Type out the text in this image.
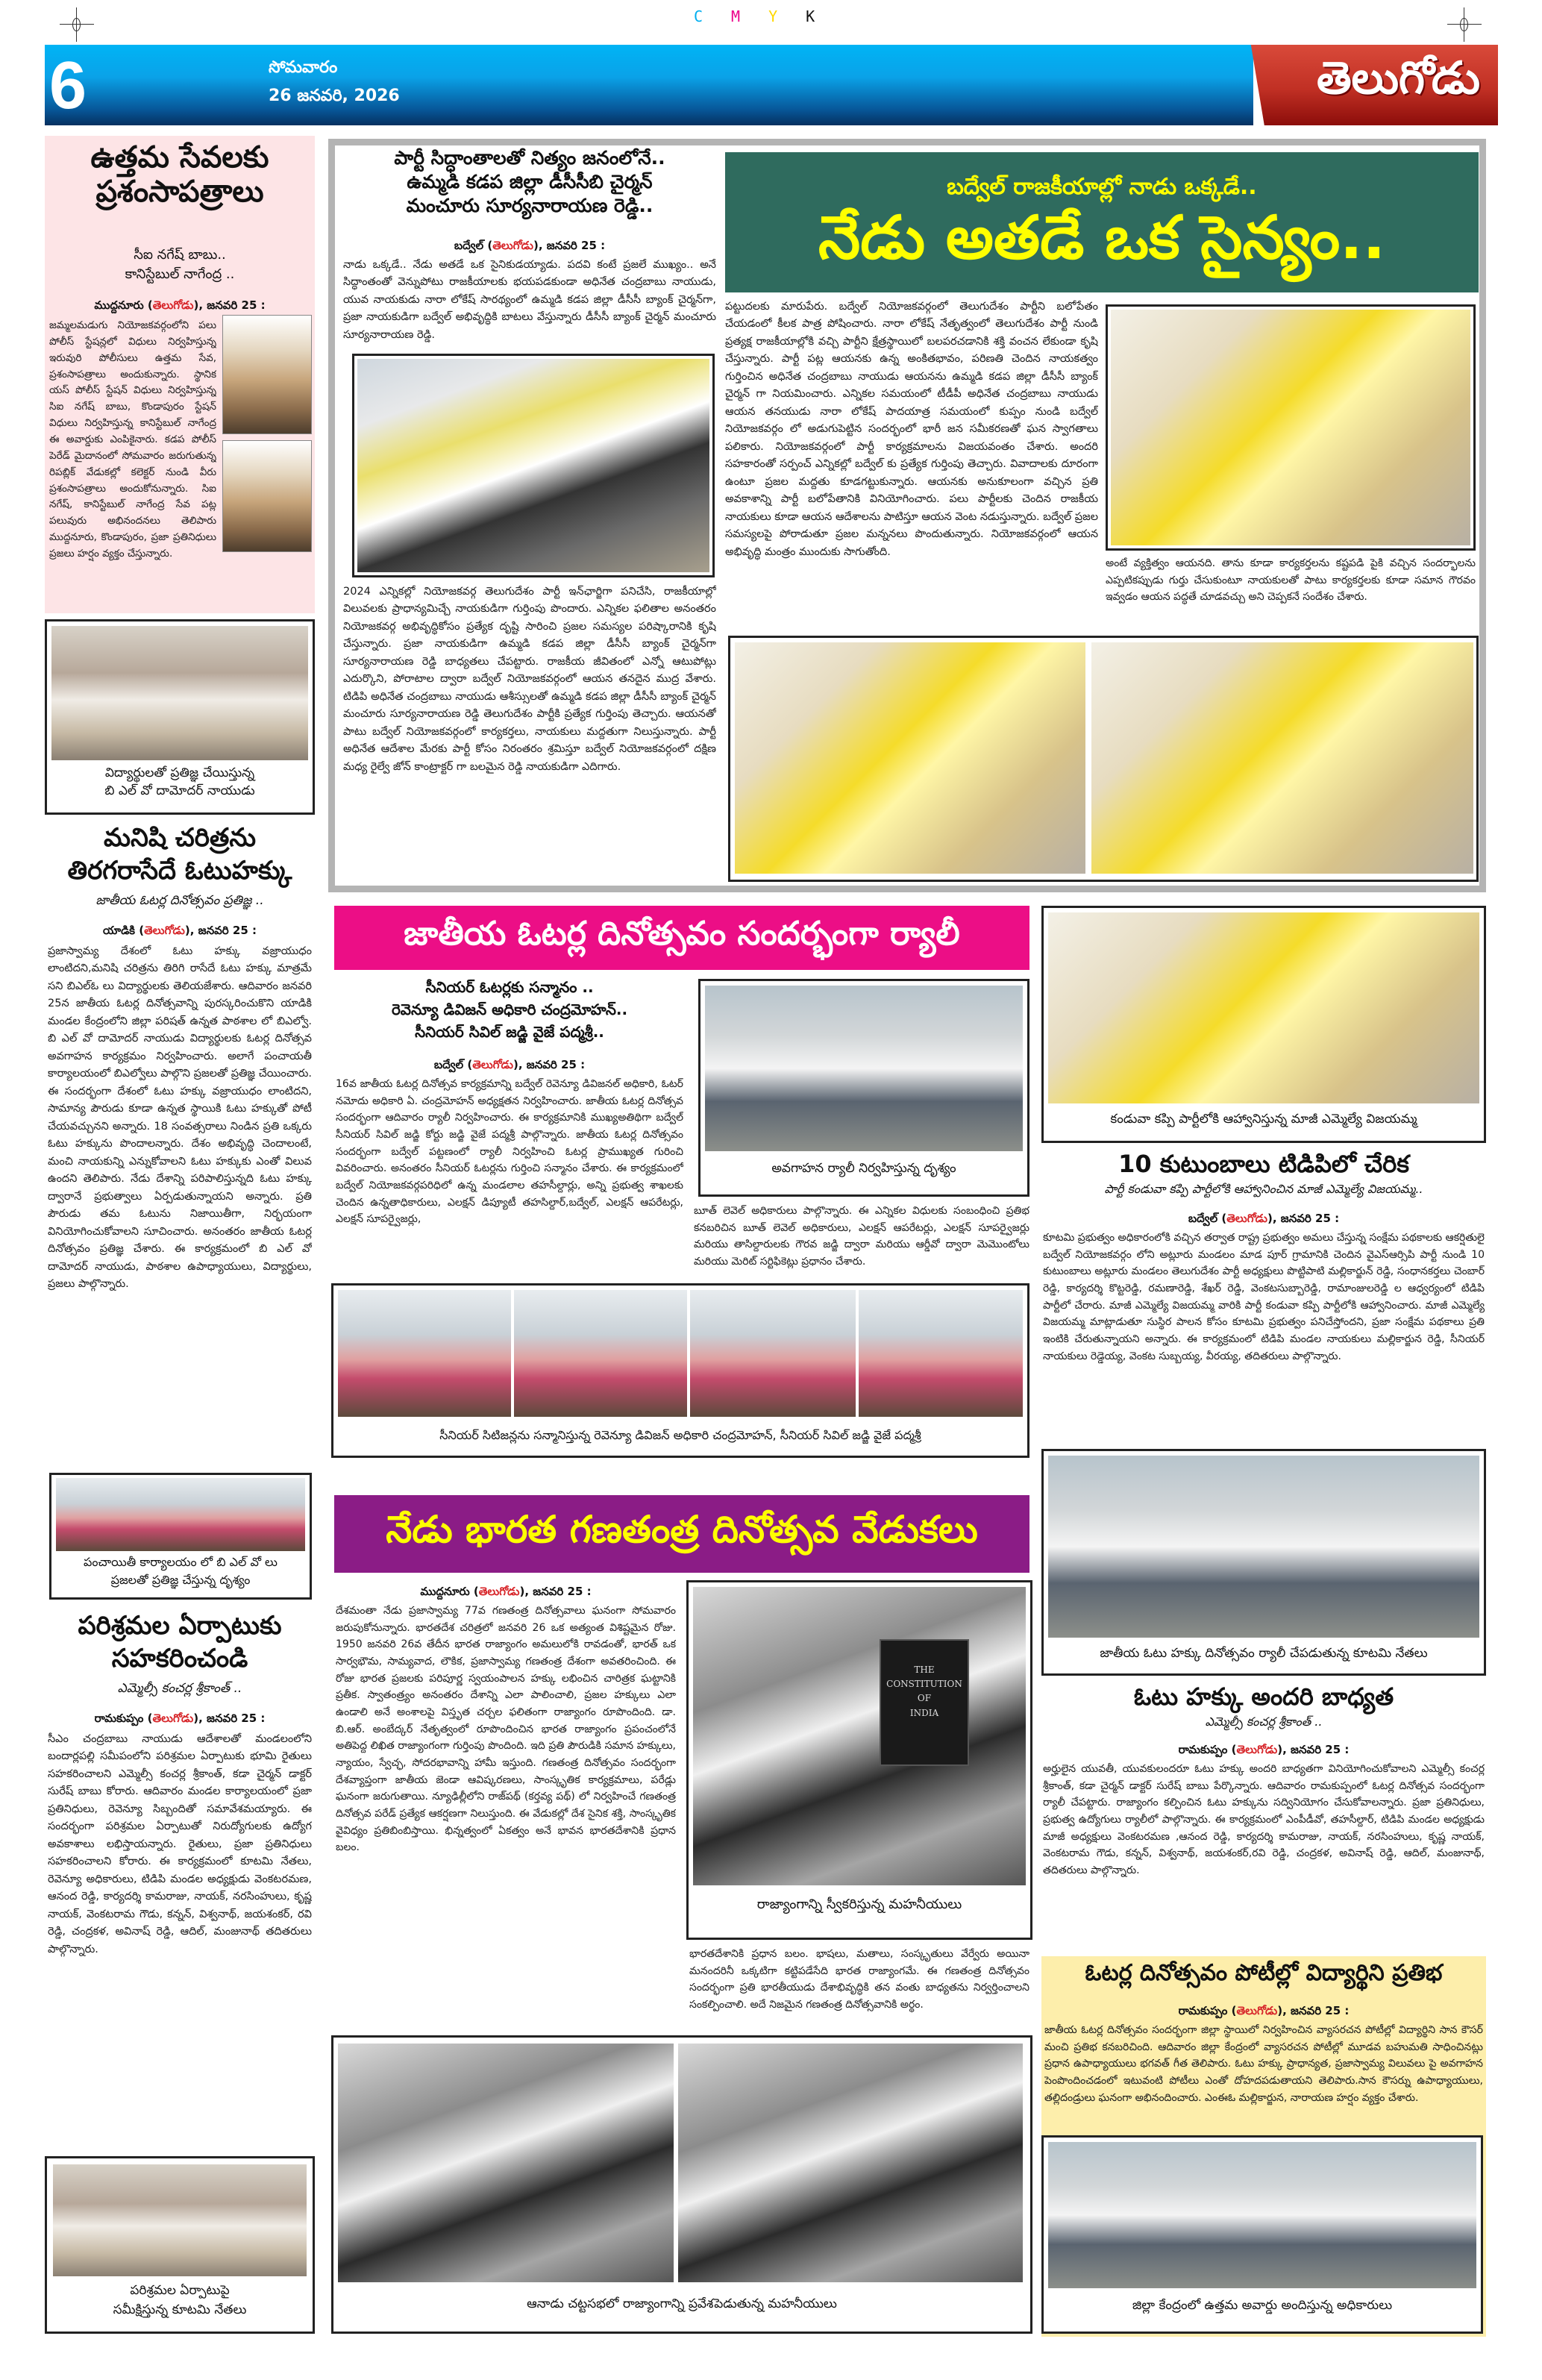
CMYK
6	సోమవారం
26 జనవరి, 2026	తెలుగోడు
ఉత్తమ సేవలకు ప్రశంసాపత్రాలు
సీఐ నగేష్ బాబు..
కానిస్టేబుల్ నాగేంద్ర ..
ముద్దనూరు (తెలుగోడు), జనవరి 25 :
జమ్మలమడుగు నియోజకవర్గంలోని పలు పోలీస్ స్టేషన్లలో విధులు నిర్వహిస్తున్న ఇరువురి పోలీసులు ఉత్తమ సేవ, ప్రశంసాపత్రాలు అందుకున్నారు. స్థానిక యస్ పోలీస్ స్టేషన్ విధులు నిర్వహిస్తున్న సిఐ నగేష్ బాబు, కొండాపురం స్టేషన్ విధులు నిర్వహిస్తున్న కానిస్టేబుల్ నాగేంద్ర ఈ అవార్డుకు ఎంపికైనారు. కడప పోలీస్ పెరేడ్ మైదానంలో సోమవారం జరుగుతున్న రిపబ్లిక్ వేడుకల్లో కలెక్టర్ నుండి వీరు ప్రశంసాపత్రాలు అందుకోనున్నారు. సిఐ నగేష్, కానిస్టేబుల్ నాగేంద్ర సేవ పట్ల పలువురు అభినందనలు తెలిపారు ముద్దనూరు, కొండాపురం, ప్రజా ప్రతినిధులు ప్రజలు హర్షం వ్యక్తం చేస్తున్నారు.
విద్యార్థులతో ప్రతిజ్ఞ చేయిస్తున్న
బి ఎల్ వో దామోదర్ నాయుడు
మనిషి చరిత్రను
తిరగరాసేదే ఓటుహక్కు
జాతీయ ఓటర్ల దినోత్సవం ప్రతిజ్ఞ ..
యాడికి (తెలుగోడు), జనవరి 25 :
ప్రజాస్వామ్య దేశంలో ఓటు హక్కు వజ్రాయుధం లాంటిదని,మనిషి చరిత్రను తిరిగి రాసేదే ఓటు హక్కు మాత్రమే సని బిఎల్ఓ లు విద్యార్థులకు తెలియజేశారు. ఆదివారం జనవరి 25న జాతీయ ఓటర్ల దినోత్సవాన్ని పురస్కరించుకొని యాడికి మండల కేంద్రంలోని జిల్లా పరిషత్ ఉన్నత పాఠశాల లో బిఎల్వో. బి ఎల్ వో దామోదర్ నాయుడు విద్యార్థులకు ఓటర్ల దినోత్సవ అవగాహన కార్యక్రమం నిర్వహించారు. అలాగే పంచాయతీ కార్యాలయంలో బిఎల్వోలు పాల్గొని ప్రజలతో ప్రతిజ్ఞ చేయించారు. ఈ సందర్భంగా దేశంలో ఓటు హక్కు వజ్రాయుధం లాంటిదని, సామాన్య పౌరుడు కూడా ఉన్నత స్థాయికి ఓటు హక్కుతో పోటీ చేయవచ్చునని అన్నారు. 18 సంవత్సరాలు నిండిన ప్రతి ఒక్కరు ఓటు హక్కును పొందాలన్నారు. దేశం అభివృద్ధి చెందాలంటే, మంచి నాయకున్ని ఎన్నుకోవాలని ఓటు హక్కుకు ఎంతో విలువ ఉందని తెలిపారు. నేడు దేశాన్ని పరిపాలిస్తున్నది ఓటు హక్కు ద్వారానే ప్రభుత్వాలు ఏర్పడుతున్నాయని అన్నారు. ప్రతి పౌరుడు తమ ఓటును నిజాయితీగా, నిర్భయంగా వినియోగించుకోవాలని సూచించారు. అనంతరం జాతీయ ఓటర్ల దినోత్సవం ప్రతిజ్ఞ చేశారు. ఈ కార్యక్రమంలో బి ఎల్ వో దామోదర్ నాయుడు, పాఠశాల ఉపాధ్యాయులు, విద్యార్థులు, ప్రజలు పాల్గొన్నారు.
పంచాయితీ కార్యాలయం లో బి ఎల్ వో లు
ప్రజలతో ప్రతిజ్ఞ చేస్తున్న దృశ్యం
పరిశ్రమల ఏర్పాటుకు
సహకరించండి
ఎమ్మెల్సీ కంచర్ల శ్రీకాంత్ ..
రామకుప్పం (తెలుగోడు), జనవరి 25 :
సీఎం చంద్రబాబు నాయుడు ఆదేశాలతో మండలంలోని బందార్లపల్లి సమీపంలోని పరిశ్రమల ఏర్పాటుకు భూమి రైతులు సహకరించాలని ఎమ్మెల్సీ కంచర్ల శ్రీకాంత్, కడా చైర్మన్ డాక్టర్ సురేష్ బాబు కోరారు. ఆదివారం మండల కార్యాలయంలో ప్రజా ప్రతినిధులు, రెవెన్యూ సిబ్బందితో సమావేశమయ్యారు. ఈ సందర్భంగా పరిశ్రమల ఏర్పాటుతో నిరుద్యోగులకు ఉద్యోగ అవకాశాలు లభిస్తాయన్నారు. రైతులు, ప్రజా ప్రతినిధులు సహకరించాలని కోరారు. ఈ కార్యక్రమంలో కూటమి నేతలు, రెవెన్యూ అధికారులు, టిడిపి మండల అధ్యక్షుడు వెంకటరమణ, ఆనంద రెడ్డి, కార్యదర్శి కామరాజు, నాయక్, నరసింహులు, కృష్ణ నాయక్, వెంకటరామ గౌడు, కన్నన్, విశ్వనాథ్, జయశంకర్, రవి రెడ్డి, చంద్రకళ, అవినాష్ రెడ్డి, ఆదిల్, మంజునాథ్ తదితరులు పాల్గొన్నారు.
పరిశ్రమల ఏర్పాటుపై
సమీక్షిస్తున్న కూటమి నేతలు
పార్టీ సిద్ధాంతాలతో నిత్యం జనంలోనే..
ఉమ్మడి కడప జిల్లా డీసీసీబి చైర్మన్
మంచూరు సూర్యనారాయణ రెడ్డి..
బద్వేల్ (తెలుగోడు), జనవరి 25 :
నాడు ఒక్కడే.. నేడు అతడే ఒక సైనికుడయ్యాడు. పదవి కంటే ప్రజలే ముఖ్యం.. అనే సిద్ధాంతంతో వెన్నుపోటు రాజకీయాలకు భయపడకుండా అధినేత చంద్రబాబు నాయుడు, యువ నాయకుడు నారా లోకేష్ సారథ్యంలో ఉమ్మడి కడప జిల్లా డీసీసీ బ్యాంక్ చైర్మన్‌గా, ప్రజా నాయకుడిగా బద్వేల్ అభివృద్ధికి బాటలు వేస్తున్నారు డీసీసీ బ్యాంక్ చైర్మన్ మంచూరు సూర్యనారాయణ రెడ్డి.
2024 ఎన్నికల్లో నియోజకవర్గ తెలుగుదేశం పార్టీ ఇన్‌ఛార్జిగా పనిచేసి, రాజకీయాల్లో విలువలకు ప్రాధాన్యమిచ్చే నాయకుడిగా గుర్తింపు పొందారు. ఎన్నికల ఫలితాల అనంతరం నియోజకవర్గ అభివృద్ధికోసం ప్రత్యేక దృష్టి సారించి ప్రజల సమస్యల పరిష్కారానికి కృషి చేస్తున్నారు. ప్రజా నాయకుడిగా ఉమ్మడి కడప జిల్లా డీసీసీ బ్యాంక్ చైర్మన్‌గా సూర్యనారాయణ రెడ్డి బాధ్యతలు చేపట్టారు. రాజకీయ జీవితంలో ఎన్నో ఆటుపోట్లు ఎదుర్కొని, పోరాటాల ద్వారా బద్వేల్ నియోజకవర్గంలో ఆయన తనదైన ముద్ర వేశారు. టిడిపి అధినేత చంద్రబాబు నాయుడు ఆశీస్సులతో ఉమ్మడి కడప జిల్లా డీసీసీ బ్యాంక్ చైర్మన్ మంచూరు సూర్యనారాయణ రెడ్డి తెలుగుదేశం పార్టీకి ప్రత్యేక గుర్తింపు తెచ్చారు. ఆయనతో పాటు బద్వేల్ నియోజకవర్గంలో కార్యకర్తలు, నాయకులు మద్దతుగా నిలుస్తున్నారు. పార్టీ అధినేత ఆదేశాల మేరకు పార్టీ కోసం నిరంతరం శ్రమిస్తూ బద్వేల్ నియోజకవర్గంలో దక్షిణ మధ్య రైల్వే జోన్ కాంట్రాక్టర్ గా బలమైన రెడ్డి నాయకుడిగా ఎదిగారు.
బద్వేల్ రాజకీయాల్లో నాడు ఒక్కడే..
నేడు అతడే ఒక సైన్యం..
పట్టుదలకు మారుపేరు. బద్వేల్ నియోజకవర్గంలో తెలుగుదేశం పార్టీని బలోపేతం చేయడంలో కీలక పాత్ర పోషించారు. నారా లోకేష్ నేతృత్వంలో తెలుగుదేశం పార్టీ నుండి ప్రత్యక్ష రాజకీయాల్లోకి వచ్చి పార్టీని క్షేత్రస్థాయిలో బలపరచడానికి శక్తి వంచన లేకుండా కృషి చేస్తున్నారు. పార్టీ పట్ల ఆయనకు ఉన్న అంకితభావం, పరిణతి చెందిన నాయకత్వం గుర్తించిన అధినేత చంద్రబాబు నాయుడు ఆయనను ఉమ్మడి కడప జిల్లా డీసీసీ బ్యాంక్ చైర్మన్ గా నియమించారు. ఎన్నికల సమయంలో టీడీపీ అధినేత చంద్రబాబు నాయుడు ఆయన తనయుడు నారా లోకేష్ పాదయాత్ర సమయంలో కుప్పం నుండి బద్వేల్ నియోజకవర్గం లో అడుగుపెట్టిన సందర్భంలో భారీ జన సమీకరణతో ఘన స్వాగతాలు పలికారు. నియోజకవర్గంలో పార్టీ కార్యక్రమాలను విజయవంతం చేశారు. అందరి సహకారంతో సర్పంచ్ ఎన్నికల్లో బద్వేల్ కు ప్రత్యేక గుర్తింపు తెచ్చారు. వివాదాలకు దూరంగా ఉంటూ ప్రజల మద్దతు కూడగట్టుకున్నారు. ఆయనకు అనుకూలంగా వచ్చిన ప్రతి అవకాశాన్ని పార్టీ బలోపేతానికి వినియోగించారు. పలు పార్టీలకు చెందిన రాజకీయ నాయకులు కూడా ఆయన ఆదేశాలను పాటిస్తూ ఆయన వెంట నడుస్తున్నారు. బద్వేల్ ప్రజల సమస్యలపై పోరాడుతూ ప్రజల మన్ననలు పొందుతున్నారు. నియోజకవర్గంలో ఆయన అభివృద్ధి మంత్రం ముందుకు సాగుతోంది.
అంటే వ్యక్తిత్వం ఆయనది. తాను కూడా కార్యకర్తలను కష్టపడి పైకి వచ్చిన సందర్భాలను ఎప్పటికప్పుడు గుర్తు చేసుకుంటూ నాయకులతో పాటు కార్యకర్తలకు కూడా సమాన గౌరవం ఇవ్వడం ఆయన పద్ధతే చూడవచ్చు అని చెప్పకనే సందేశం చేశారు.
జాతీయ ఓటర్ల దినోత్సవం సందర్భంగా ర్యాలీ
సీనియర్ ఓటర్లకు సన్మానం ..
రెవెన్యూ డివిజన్ అధికారి చంద్రమోహన్..
సీనియర్ సివిల్ జడ్జి వైజే పద్మశ్రీ..
బద్వేల్ (తెలుగోడు), జనవరి 25 :
16వ జాతీయ ఓటర్ల దినోత్సవ కార్యక్రమాన్ని బద్వేల్ రెవెన్యూ డివిజనల్ అధికారి, ఓటర్ నమోదు అధికారి ఏ. చంద్రమోహన్ అధ్యక్షతన నిర్వహించారు. జాతీయ ఓటర్ల దినోత్సవ సందర్భంగా ఆదివారం ర్యాలీ నిర్వహించారు. ఈ కార్యక్రమానికి ముఖ్యఅతిథిగా బద్వేల్ సీనియర్ సివిల్ జడ్జి కోర్టు జడ్జి వైజే పద్మశ్రీ పాల్గొన్నారు. జాతీయ ఓటర్ల దినోత్సవం సందర్భంగా బద్వేల్ పట్టణంలో ర్యాలీ నిర్వహించి ఓటర్ల ప్రాముఖ్యత గురించి వివరించారు. అనంతరం సీనియర్ ఓటర్లను గుర్తించి సన్మానం చేశారు. ఈ కార్యక్రమంలో బద్వేల్ నియోజకవర్గపరిధిలో ఉన్న మండలాల తహసీల్దార్లు, అన్ని ప్రభుత్వ శాఖలకు చెందిన ఉన్నతాధికారులు, ఎలక్షన్ డిప్యూటీ తహసిల్దార్,బద్వేల్, ఎలక్షన్ ఆపరేటర్లు, ఎలక్షన్ సూపర్వైజర్లు,
అవగాహన ర్యాలీ నిర్వహిస్తున్న దృశ్యం
బూత్ లెవెల్ అధికారులు పాల్గొన్నారు. ఈ ఎన్నికల విధులకు సంబంధించి ప్రతిభ కనబరిచిన బూత్ లెవెల్ అధికారులు, ఎలక్షన్ ఆపరేటర్లు, ఎలక్షన్ సూపర్వైజర్లు మరియు తాసిల్దారులకు గౌరవ జడ్జి ద్వారా మరియు ఆర్డీవో ద్వారా మెమొంటోలు మరియు మెరిట్ సర్టిఫికెట్లు ప్రధానం చేశారు.
సీనియర్ సిటిజన్లను సన్మానిస్తున్న రెవెన్యూ డివిజన్ అధికారి చంద్రమోహన్, సీనియర్ సివిల్ జడ్జి వైజే పద్మశ్రీ
నేడు భారత గణతంత్ర దినోత్సవ వేడుకలు
ముద్దనూరు (తెలుగోడు), జనవరి 25 :
దేశమంతా నేడు ప్రజాస్వామ్య 77వ గణతంత్ర దినోత్సవాలు ఘనంగా సోమవారం జరుపుకోనున్నారు. భారతదేశ చరిత్రలో జనవరి 26 ఒక అత్యంత విశిష్టమైన రోజు. 1950 జనవరి 26వ తేదీన భారత రాజ్యాంగం అమలులోకి రావడంతో, భారత్ ఒక సార్వభౌమ, సామ్యవాద, లౌకిక, ప్రజాస్వామ్య గణతంత్ర దేశంగా అవతరించింది. ఈ రోజు భారత ప్రజలకు పరిపూర్ణ స్వయంపాలన హక్కు లభించిన చారిత్రక ఘట్టానికి ప్రతీక. స్వాతంత్ర్యం అనంతరం దేశాన్ని ఎలా పాలించాలి, ప్రజల హక్కులు ఎలా ఉండాలి అనే అంశాలపై విస్తృత చర్చల ఫలితంగా రాజ్యాంగం రూపొందింది. డా. బి.ఆర్. అంబేద్కర్ నేతృత్వంలో రూపొందించిన భారత రాజ్యాంగం ప్రపంచంలోనే అతిపెద్ద లిఖిత రాజ్యాంగంగా గుర్తింపు పొందింది. ఇది ప్రతి పౌరుడికి సమాన హక్కులు, న్యాయం, స్వేచ్ఛ, సోదరభావాన్ని హామీ ఇస్తుంది. గణతంత్ర దినోత్సవం సందర్భంగా దేశవ్యాప్తంగా జాతీయ జెండా ఆవిష్కరణలు, సాంస్కృతిక కార్యక్రమాలు, పరేడ్లు ఘనంగా జరుగుతాయి. న్యూఢిల్లీలోని రాజ్‌పథ్ (కర్తవ్య పథ్) లో నిర్వహించే గణతంత్ర దినోత్సవ పరేడ్ ప్రత్యేక ఆకర్షణగా నిలుస్తుంది. ఈ వేడుకల్లో దేశ సైనిక శక్తి, సాంస్కృతిక వైవిధ్యం ప్రతిబింబిస్తాయి. భిన్నత్వంలో ఏకత్వం అనే భావన భారతదేశానికి ప్రధాన బలం.
THE
CONSTITUTION
OF
INDIA
రాజ్యాంగాన్ని స్వీకరిస్తున్న మహనీయులు
భారతదేశానికి ప్రధాన బలం. భాషలు, మతాలు, సంస్కృతులు వేర్వేరు అయినా మనందరినీ ఒక్కటిగా కట్టిపడేసేది భారత రాజ్యాంగమే. ఈ గణతంత్ర దినోత్సవం సందర్భంగా ప్రతి భారతీయుడు దేశాభివృద్ధికి తన వంతు బాధ్యతను నిర్వర్తించాలని సంకల్పించాలి. అదే నిజమైన గణతంత్ర దినోత్సవానికి అర్థం.
ఆనాడు చట్టసభలో రాజ్యాంగాన్ని ప్రవేశపెడుతున్న మహనీయులు
కండువా కప్పి పార్టీలోకి ఆహ్వానిస్తున్న మాజీ ఎమ్మెల్యే విజయమ్మ
10 కుటుంబాలు టిడిపిలో చేరిక
పార్టీ కండువా కప్పి పార్టీలోకి ఆహ్వానించిన మాజీ ఎమ్మెల్యే విజయమ్మ..
బద్వేల్ (తెలుగోడు), జనవరి 25 :
కూటమి ప్రభుత్వం అధికారంలోకి వచ్చిన తర్వాత రాష్ట్ర ప్రభుత్వం అమలు చేస్తున్న సంక్షేమ పథకాలకు ఆకర్షితులై బద్వేల్ నియోజకవర్గం లోని అట్లూరు మండలం మాడ పూర్ గ్రామానికి చెందిన వైఎస్ఆర్సిపి పార్టీ నుండి 10 కుటుంబాలు అట్లూరు మండలం తెలుగుదేశం పార్టీ అధ్యక్షులు పొట్టిపాటి మల్లికార్జున్ రెడ్డి, సంధానకర్తలు చెంబార్ రెడ్డి, కార్యదర్శి కొట్టరెడ్డి, రమణారెడ్డి, శేఖర్ రెడ్డి, వెంకటసుబ్బారెడ్డి, రామాంజులరెడ్డి ల ఆధ్వర్యంలో టిడిపి పార్టీలో చేరారు. మాజీ ఎమ్మెల్యే విజయమ్మ వారికి పార్టీ కండువా కప్పి పార్టీలోకి ఆహ్వానించారు. మాజీ ఎమ్మెల్యే విజయమ్మ మాట్లాడుతూ సుస్థిర పాలన కోసం కూటమి ప్రభుత్వం పనిచేస్తోందని, ప్రజా సంక్షేమ పథకాలు ప్రతి ఇంటికి చేరుతున్నాయని అన్నారు. ఈ కార్యక్రమంలో టిడిపి మండల నాయకులు మల్లికార్జున రెడ్డి, సీనియర్ నాయకులు రెడ్డెయ్య, వెంకట సుబ్బయ్య, వీరయ్య, తదితరులు పాల్గొన్నారు.
జాతీయ ఓటు హక్కు దినోత్సవం ర్యాలీ చేపడుతున్న కూటమి నేతలు
ఓటు హక్కు అందరి బాధ్యత
ఎమ్మెల్సీ కంచర్ల శ్రీకాంత్ ..
రామకుప్పం (తెలుగోడు), జనవరి 25 :
అర్హులైన యువతీ, యువకులందరూ ఓటు హక్కు అందరి బాధ్యతగా వినియోగించుకోవాలని ఎమ్మెల్సీ కంచర్ల శ్రీకాంత్, కడా చైర్మన్ డాక్టర్ సురేష్ బాబు పేర్కొన్నారు. ఆదివారం రామకుప్పంలో ఓటర్ల దినోత్సవ సందర్భంగా ర్యాలీ చేపట్టారు. రాజ్యాంగం కల్పించిన ఓటు హక్కును సద్వినియోగం చేసుకోవాలన్నారు. ప్రజా ప్రతినిధులు, ప్రభుత్వ ఉద్యోగులు ర్యాలీలో పాల్గొన్నారు. ఈ కార్యక్రమంలో ఎంపీడీవో, తహసీల్దార్, టిడిపి మండల అధ్యక్షుడు మాజీ అధ్యక్షులు వెంకటరమణ ,ఆనంద రెడ్డి, కార్యదర్శి కామరాజు, నాయక్, నరసింహులు, కృష్ణ నాయక్, వెంకటరామ గౌడు, కన్నన్, విశ్వనాథ్, జయశంకర్,రవి రెడ్డి, చంద్రకళ, అవినాష్ రెడ్డి, ఆదిల్, మంజునాథ్, తదితరులు పాల్గొన్నారు.
ఓటర్ల దినోత్సవం పోటీల్లో విద్యార్థిని ప్రతిభ
రామకుప్పం (తెలుగోడు), జనవరి 25 :
జాతీయ ఓటర్ల దినోత్సవం సందర్భంగా జిల్లా స్థాయిలో నిర్వహించిన వ్యాసరచన పోటీల్లో విద్యార్థిని సాన కౌసర్ మంచి ప్రతిభ కనబరిచింది. ఆదివారం జిల్లా కేంద్రంలో వ్యాసరచన పోటీల్లో మూడవ బహుమతి సాధించినట్లు ప్రధాన ఉపాధ్యాయులు భగవత్ గీత తెలిపారు. ఓటు హక్కు ప్రాధాన్యత, ప్రజాస్వామ్య విలువలు పై అవగాహన పెంపొందించడంలో ఇటువంటి పోటీలు ఎంతో దోహదపడుతాయని తెలిపారు.సాన కౌసర్ను ఉపాధ్యాయులు, తల్లిదండ్రులు ఘనంగా అభినందించారు. ఎంఈఓ మల్లికార్జున, నారాయణ హర్షం వ్యక్తం చేశారు.
జిల్లా కేంద్రంలో ఉత్తమ అవార్డు అందిస్తున్న అధికారులు
